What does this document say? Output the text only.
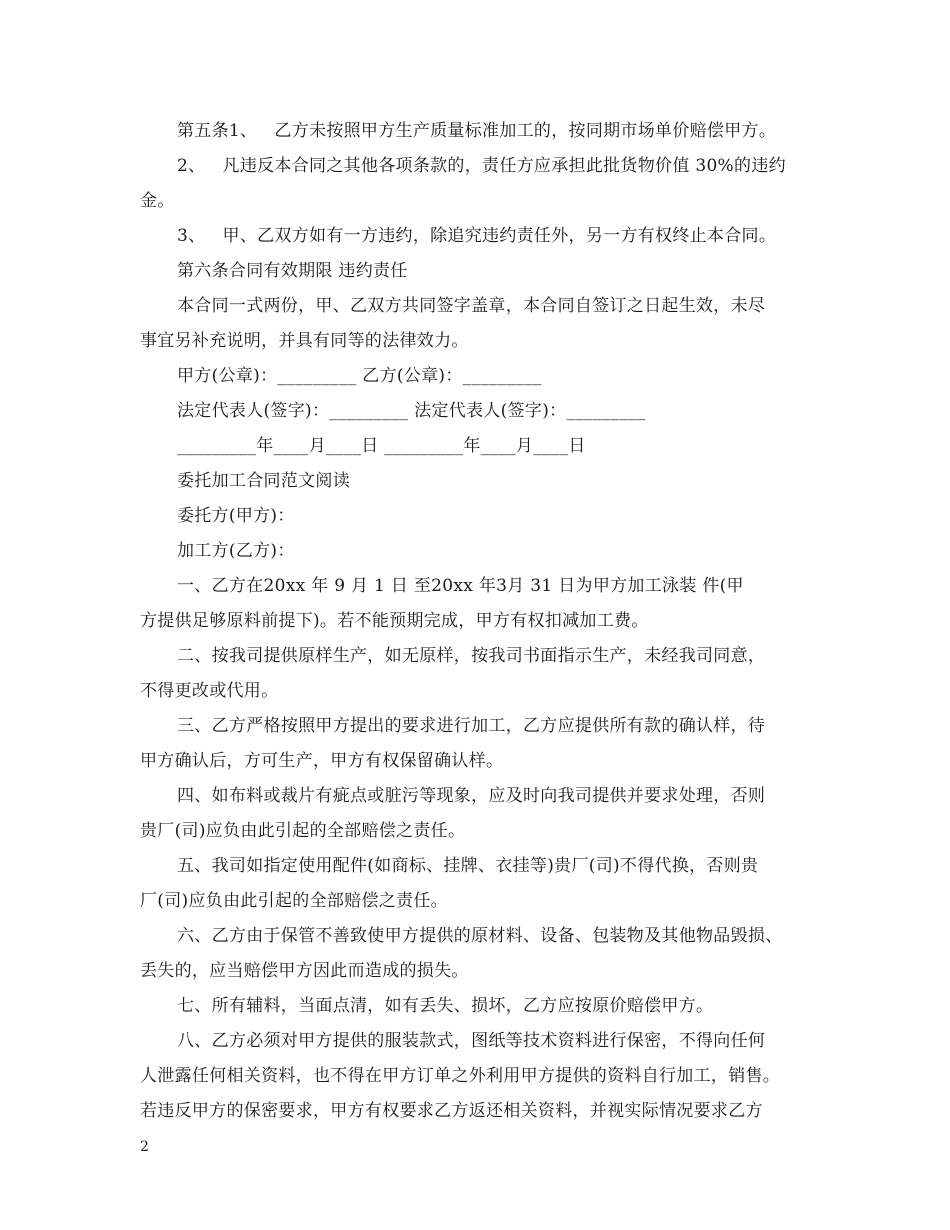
第五条1、   乙方未按照甲方生产质量标准加工的，按同期市场单价赔偿甲方。
2、   凡违反本合同之其他各项条款的，责任方应承担此批货物价值 30%的违约
金。
3、   甲、乙双方如有一方违约，除追究违约责任外，另一方有权终止本合同。
第六条合同有效期限 违约责任
本合同一式两份，甲、乙双方共同签字盖章，本合同自签订之日起生效，未尽
事宜另补充说明，并具有同等的法律效力。
甲方(公章)：_________ 乙方(公章)：_________
法定代表人(签字)：_________ 法定代表人(签字)：_________
_________年____月____日 _________年____月____日
委托加工合同范文阅读
委托方(甲方)：
加工方(乙方)：
一、乙方在20xx 年 9 月 1 日 至20xx 年3月 31 日为甲方加工泳装 件(甲
方提供足够原料前提下)。若不能预期完成，甲方有权扣减加工费。
二、按我司提供原样生产，如无原样，按我司书面指示生产，未经我司同意，
不得更改或代用。
三、乙方严格按照甲方提出的要求进行加工，乙方应提供所有款的确认样，待
甲方确认后，方可生产，甲方有权保留确认样。
四、如布料或裁片有疵点或脏污等现象，应及时向我司提供并要求处理，否则
贵厂(司)应负由此引起的全部赔偿之责任。
五、我司如指定使用配件(如商标、挂牌、衣挂等)贵厂(司)不得代换，否则贵
厂(司)应负由此引起的全部赔偿之责任。
六、乙方由于保管不善致使甲方提供的原材料、设备、包装物及其他物品毁损、
丢失的，应当赔偿甲方因此而造成的损失。
七、所有辅料，当面点清，如有丢失、损坏，乙方应按原价赔偿甲方。
八、乙方必须对甲方提供的服装款式，图纸等技术资料进行保密，不得向任何
人泄露任何相关资料，也不得在甲方订单之外利用甲方提供的资料自行加工，销售。
若违反甲方的保密要求，甲方有权要求乙方返还相关资料，并视实际情况要求乙方
2
